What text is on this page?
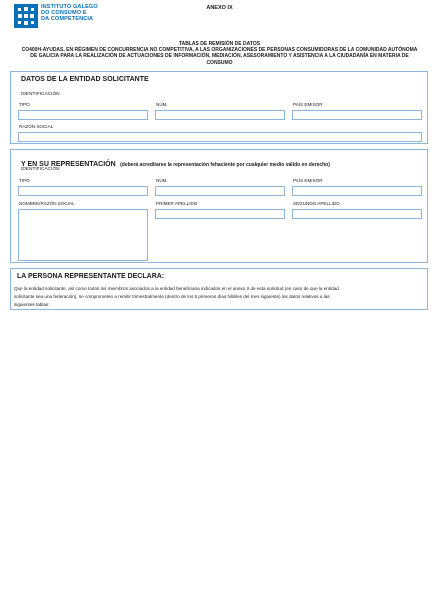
INSTITUTO GALEGO
DO CONSUMO E
DA COMPETENCIA
ANEXO IX
TABLAS DE REMISIÓN DE DATOS
CO400H-AYUDAS, EN RÉGIMEN DE CONCURRENCIA NO COMPETITIVA, A LAS ORGANIZACIONES DE PERSONAS CONSUMIDORAS DE LA COMUNIDAD AUTÓNOMA
DE GALICIA PARA LA REALIZACIÓN DE ACTUACIONES DE INFORMACIÓN, MEDIACIÓN, ASESORAMIENTO Y ASISTENCIA A LA CIUDADANÍA EN MATERIA DE
CONSUMO
DATOS DE LA ENTIDAD SOLICITANTE
IDENTIFICACIÓN
TIPO	NÚM.	PAÍS EMISOR
RAZÓN SOCIAL
Y EN SU REPRESENTACIÓN (deberá acreditarse la representación fehaciente por cualquier medio válido en derecho)
IDENTIFICACIÓN
TIPO	NÚM.	PAÍS EMISOR
NOMBRE/RAZÓN SOCIAL	PRIMER APELLIDO	SEGUNDO APELLIDO
LA PERSONA REPRESENTANTE DECLARA:
Que la entidad solicitante, así como todos los miembros asociados a la entidad beneficiaria indicados en el anexo II de esta solicitud (en caso de que la entidad
solicitante sea una federación), se comprometen a remitir trimestralmente (dentro de los 5 primeros días hábiles del mes siguiente) los datos relativos a las
siguientes tablas:
